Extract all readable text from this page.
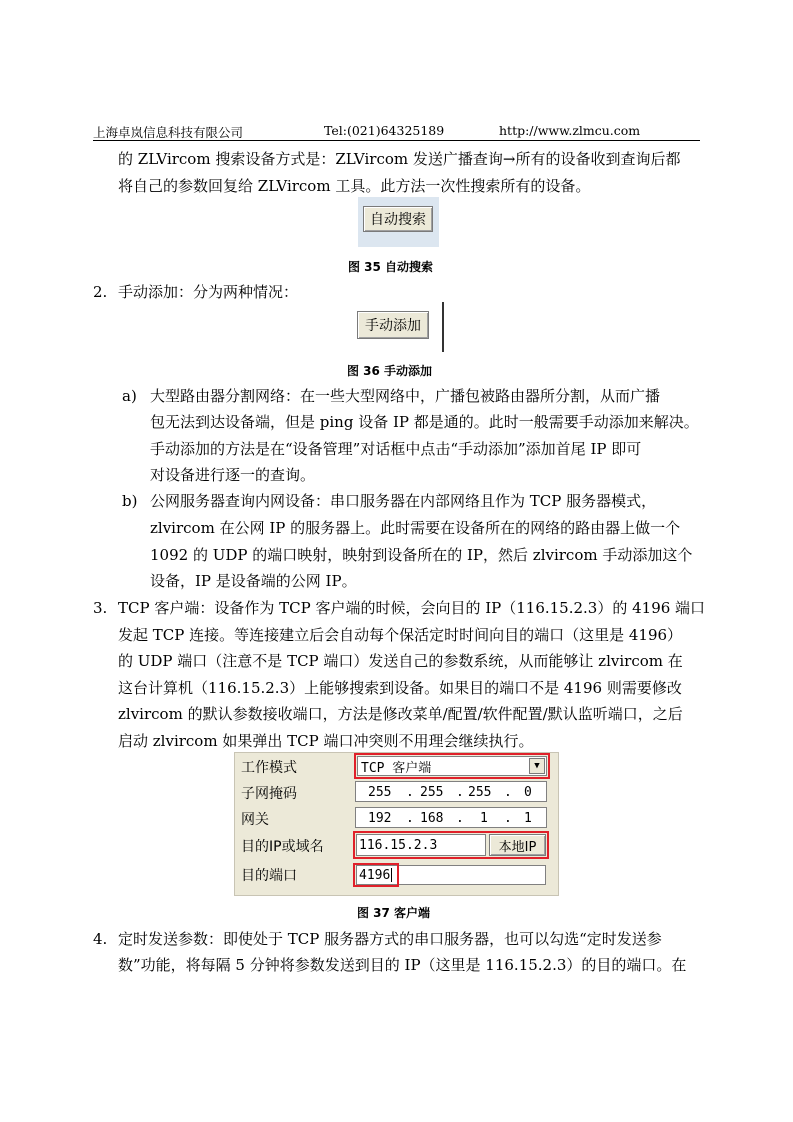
上海卓岚信息科技有限公司	Tel:(021)64325189	http://www.zlmcu.com
的 ZLVircom 搜索设备方式是：ZLVircom 发送广播查询→所有的设备收到查询后都
将自己的参数回复给 ZLVircom 工具。此方法一次性搜索所有的设备。
自动搜索
图 35 自动搜索
2. 手动添加：分为两种情况：
手动添加
图 36 手动添加
a) 大型路由器分割网络：在一些大型网络中，广播包被路由器所分割，从而广播
包无法到达设备端，但是 ping 设备 IP 都是通的。此时一般需要手动添加来解决。
手动添加的方法是在“设备管理”对话框中点击“手动添加”添加首尾 IP 即可
对设备进行逐一的查询。
b) 公网服务器查询内网设备：串口服务器在内部网络且作为 TCP 服务器模式，
zlvircom 在公网 IP 的服务器上。此时需要在设备所在的网络的路由器上做一个
1092 的 UDP 的端口映射，映射到设备所在的 IP，然后 zlvircom 手动添加这个
设备，IP 是设备端的公网 IP。
3. TCP 客户端：设备作为 TCP 客户端的时候，会向目的 IP（116.15.2.3）的 4196 端口
发起 TCP 连接。等连接建立后会自动每个保活定时时间向目的端口（这里是 4196）
的 UDP 端口（注意不是 TCP 端口）发送自己的参数系统，从而能够让 zlvircom 在
这台计算机（116.15.2.3）上能够搜索到设备。如果目的端口不是 4196 则需要修改
zlvircom 的默认参数接收端口，方法是修改菜单/配置/软件配置/默认监听端口，之后
启动 zlvircom 如果弹出 TCP 端口冲突则不用理会继续执行。
工作模式	TCP 客户端	▼
子网掩码	255 . 255 . 255 . 0
网关	192 . 168 . 1 . 1
目的IP或域名	116.15.2.3	本地IP
目的端口	4196
图 37 客户端
4. 定时发送参数：即使处于 TCP 服务器方式的串口服务器，也可以勾选“定时发送参
数”功能，将每隔 5 分钟将参数发送到目的 IP（这里是 116.15.2.3）的目的端口。在
